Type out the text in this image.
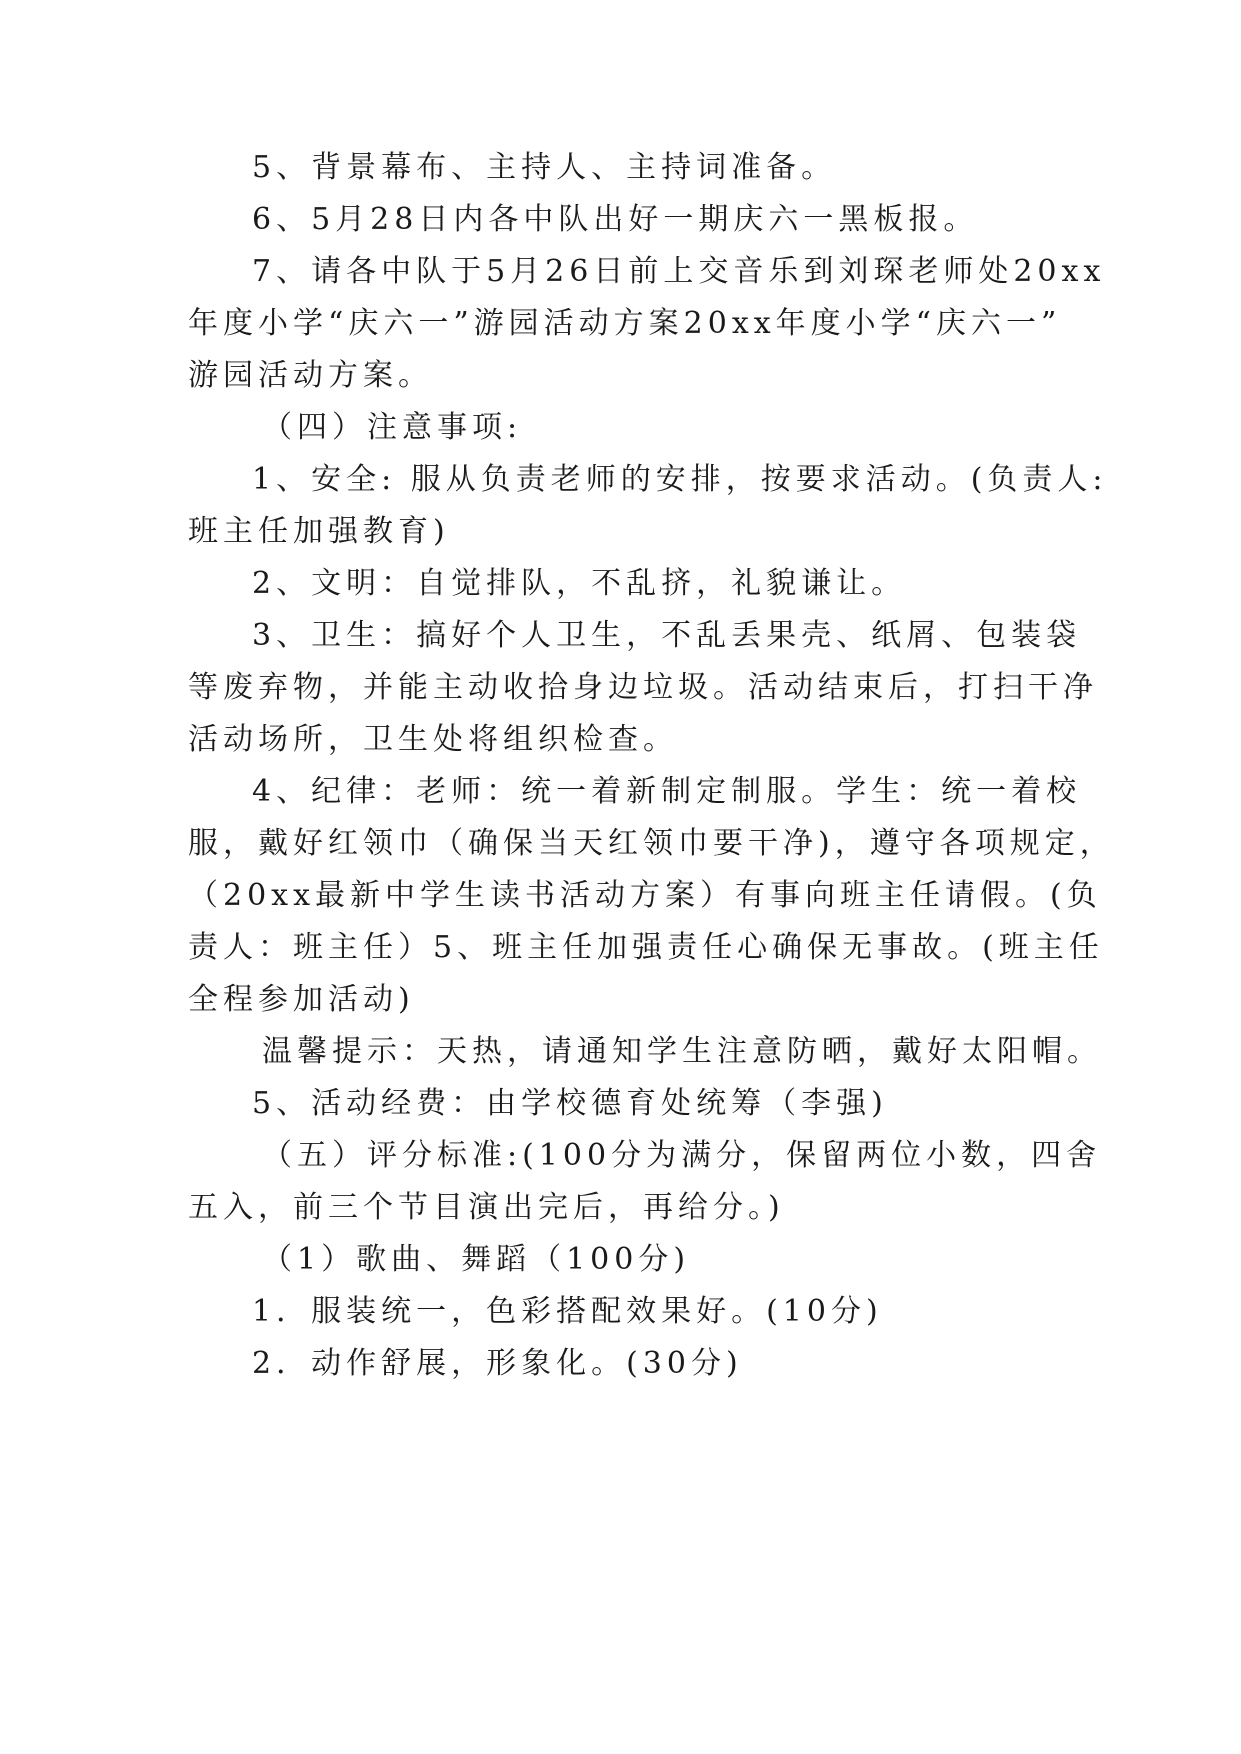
5、背景幕布、主持人、主持词准备。
6、5月28日内各中队出好一期庆六一黑板报。
7、请各中队于5月26日前上交音乐到刘琛老师处20xx
年度小学“庆六一”游园活动方案20xx年度小学“庆六一”
游园活动方案。
（四）注意事项:
1、安全: 服从负责老师的安排，按要求活动。(负责人:
班主任加强教育)
2、文明：自觉排队，不乱挤，礼貌谦让。
3、卫生：搞好个人卫生，不乱丢果壳、纸屑、包装袋
等废弃物，并能主动收拾身边垃圾。活动结束后，打扫干净
活动场所，卫生处将组织检查。
4、纪律：老师：统一着新制定制服。学生：统一着校
服，戴好红领巾（确保当天红领巾要干净)，遵守各项规定，
（20xx最新中学生读书活动方案）有事向班主任请假。(负
责人：班主任）5、班主任加强责任心确保无事故。(班主任
全程参加活动)
温馨提示：天热，请通知学生注意防晒，戴好太阳帽。
5、活动经费：由学校德育处统筹（李强)
（五）评分标准:(100分为满分，保留两位小数，四舍
五入，前三个节目演出完后，再给分。)
（1）歌曲、舞蹈（100分)
1．服装统一，色彩搭配效果好。(10分)
2．动作舒展，形象化。(30分)
